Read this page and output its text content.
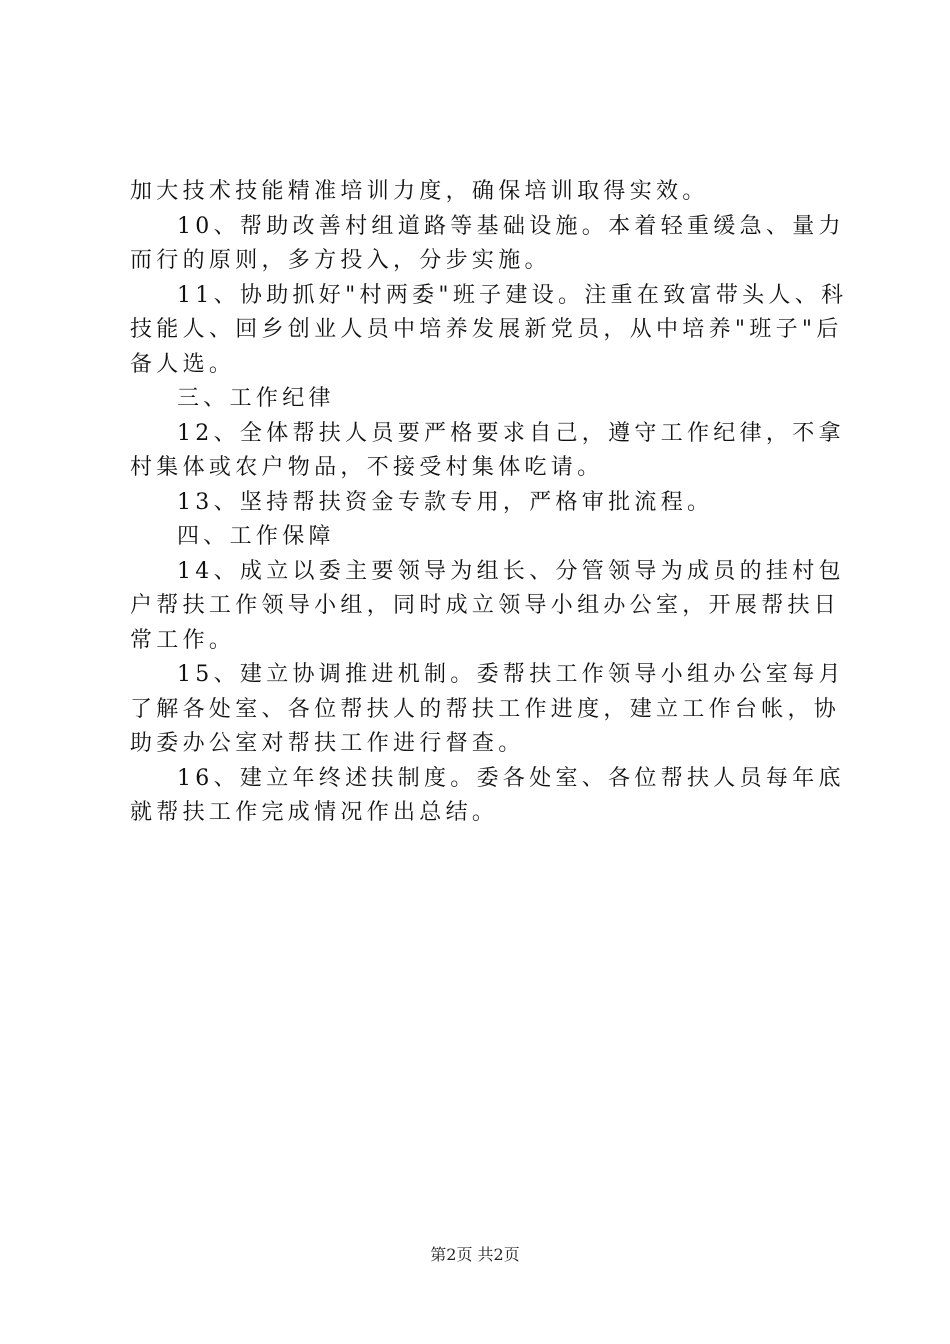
加大技术技能精准培训力度，确保培训取得实效。
10、帮助改善村组道路等基础设施。本着轻重缓急、量力
而行的原则，多方投入，分步实施。
11、协助抓好"村两委"班子建设。注重在致富带头人、科
技能人、回乡创业人员中培养发展新党员，从中培养"班子"后
备人选。
三、工作纪律
12、全体帮扶人员要严格要求自己，遵守工作纪律，不拿
村集体或农户物品，不接受村集体吃请。
13、坚持帮扶资金专款专用，严格审批流程。
四、工作保障
14、成立以委主要领导为组长、分管领导为成员的挂村包
户帮扶工作领导小组，同时成立领导小组办公室，开展帮扶日
常工作。
15、建立协调推进机制。委帮扶工作领导小组办公室每月
了解各处室、各位帮扶人的帮扶工作进度，建立工作台帐，协
助委办公室对帮扶工作进行督查。
16、建立年终述扶制度。委各处室、各位帮扶人员每年底
就帮扶工作完成情况作出总结。
第2页 共2页
